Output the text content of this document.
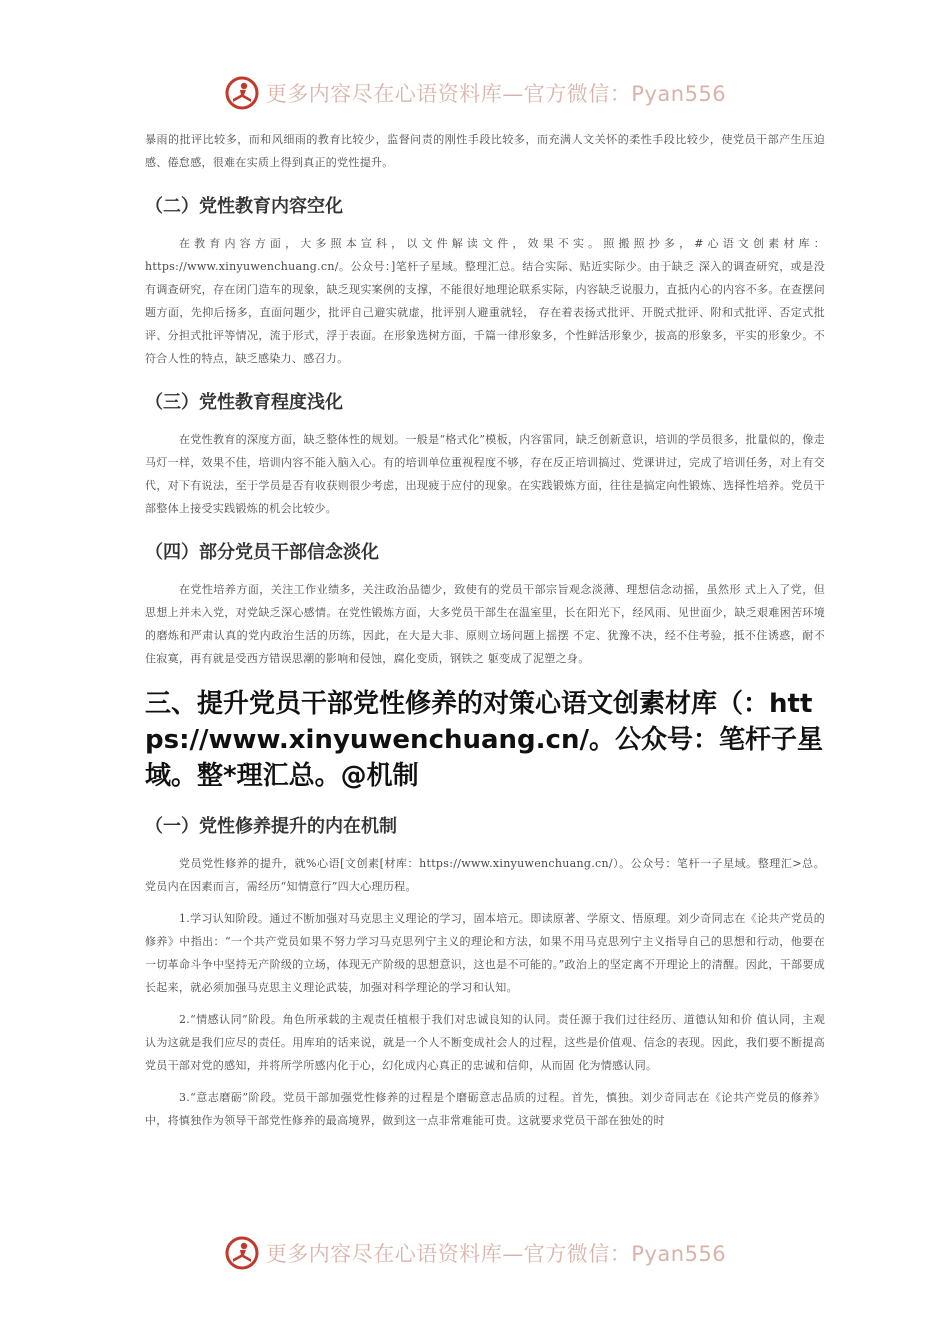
更多内容尽在心语资料库—官方微信：Pyan556

暴雨的批评比较多，而和风细雨的教育比较少，监督问责的刚性手段比较多，而充满人文关怀的柔性手段比较少，使党员干部产生压迫感、倦怠感，很难在实质上得到真正的党性提升。

（二）党性教育内容空化

在教育内容方面，大多照本宣科，以文件解读文件，效果不实。照搬照抄多，#心语文创素材库：https://www.xinyuwenchuang.cn/。公众号：]笔杆子星域。整理汇总。结合实际、贴近实际少。由于缺乏 深入的调查研究，或是没有调查研究，存在闭门造车的现象，缺乏现实案例的支撑，不能很好地理论联系实际，内容缺乏说服力，直抵内心的内容不多。在查摆问题方面，先抑后扬多，直面问题少，批评自己避实就虚，批评别人避重就轻， 存在着表扬式批评、开脱式批评、附和式批评、否定式批评、分担式批评等情况，流于形式，浮于表面。在形象选树方面，千篇一律形象多，个性鲜活形象少，拔高的形象多，平实的形象少。不符合人性的特点，缺乏感染力、感召力。

（三）党性教育程度浅化

在党性教育的深度方面，缺乏整体性的规划。一般是“格式化”模板，内容雷同，缺乏创新意识，培训的学员很多，批量似的，像走马灯一样，效果不佳，培训内容不能入脑入心。有的培训单位重视程度不够，存在反正培训搞过、党课讲过，完成了培训任务，对上有交代，对下有说法，至于学员是否有收获则很少考虑，出现疲于应付的现象。在实践锻炼方面，往往是搞定向性锻炼、选择性培养。党员干部整体上接受实践锻炼的机会比较少。

（四）部分党员干部信念淡化

在党性培养方面，关注工作业绩多，关注政治品德少，致使有的党员干部宗旨观念淡薄、理想信念动摇，虽然形 式上入了党，但思想上并未入党，对党缺乏深心感情。在党性锻炼方面，大多党员干部生在温室里，长在阳光下，经风雨、见世面少，缺乏艰难困苦环境的磨炼和严肃认真的党内政治生活的历练，因此，在大是大非、原则立场问题上摇摆 不定、犹豫不决，经不住考验，抵不住诱惑，耐不住寂寞，再有就是受西方错误思潮的影响和侵蚀，腐化变质，钢铁之 躯变成了泥塑之身。

三、提升党员干部党性修养的对策心语文创素材库（：https://www.xinyuwenchuang.cn/。公众号：笔杆子星域。整*理汇总。@机制
（一）党性修养提升的内在机制

党员党性修养的提升，就%心语[文创素[材库：https://www.xinyuwenchuang.cn/）。公众号：笔杆一子星域。整理汇>总。党员内在因素而言，需经历“知情意行”四大心理历程。

1.学习认知阶段。通过不断加强对马克思主义理论的学习，固本培元。即读原著、学原文、悟原理。刘少奇同志在《论共产党员的修养》中指出：“一个共产党员如果不努力学习马克思列宁主义的理论和方法，如果不用马克思列宁主义指导自己的思想和行动，他要在一切革命斗争中坚持无产阶级的立场，体现无产阶级的思想意识，这也是不可能的。”政治上的坚定离不开理论上的清醒。因此，干部要成长起来，就必须加强马克思主义理论武装，加强对科学理论的学习和认知。

2.“情感认同”阶段。角色所承载的主观责任植根于我们对忠诚良知的认同。责任源于我们过往经历、道德认知和价 值认同，主观认为这就是我们应尽的责任。用库珀的话来说，就是一个人不断变成社会人的过程，这些是价值观、信念的表现。因此，我们要不断提高党员干部对党的感知，并将所学所感内化于心，幻化成内心真正的忠诚和信仰，从而固 化为情感认同。

3.“意志磨砺”阶段。党员干部加强党性修养的过程是个磨砺意志品质的过程。首先，慎独。刘少奇同志在《论共产党员的修养》中，将慎独作为领导干部党性修养的最高境界，做到这一点非常难能可贵。这就要求党员干部在独处的时

更多内容尽在心语资料库—官方微信：Pyan556
